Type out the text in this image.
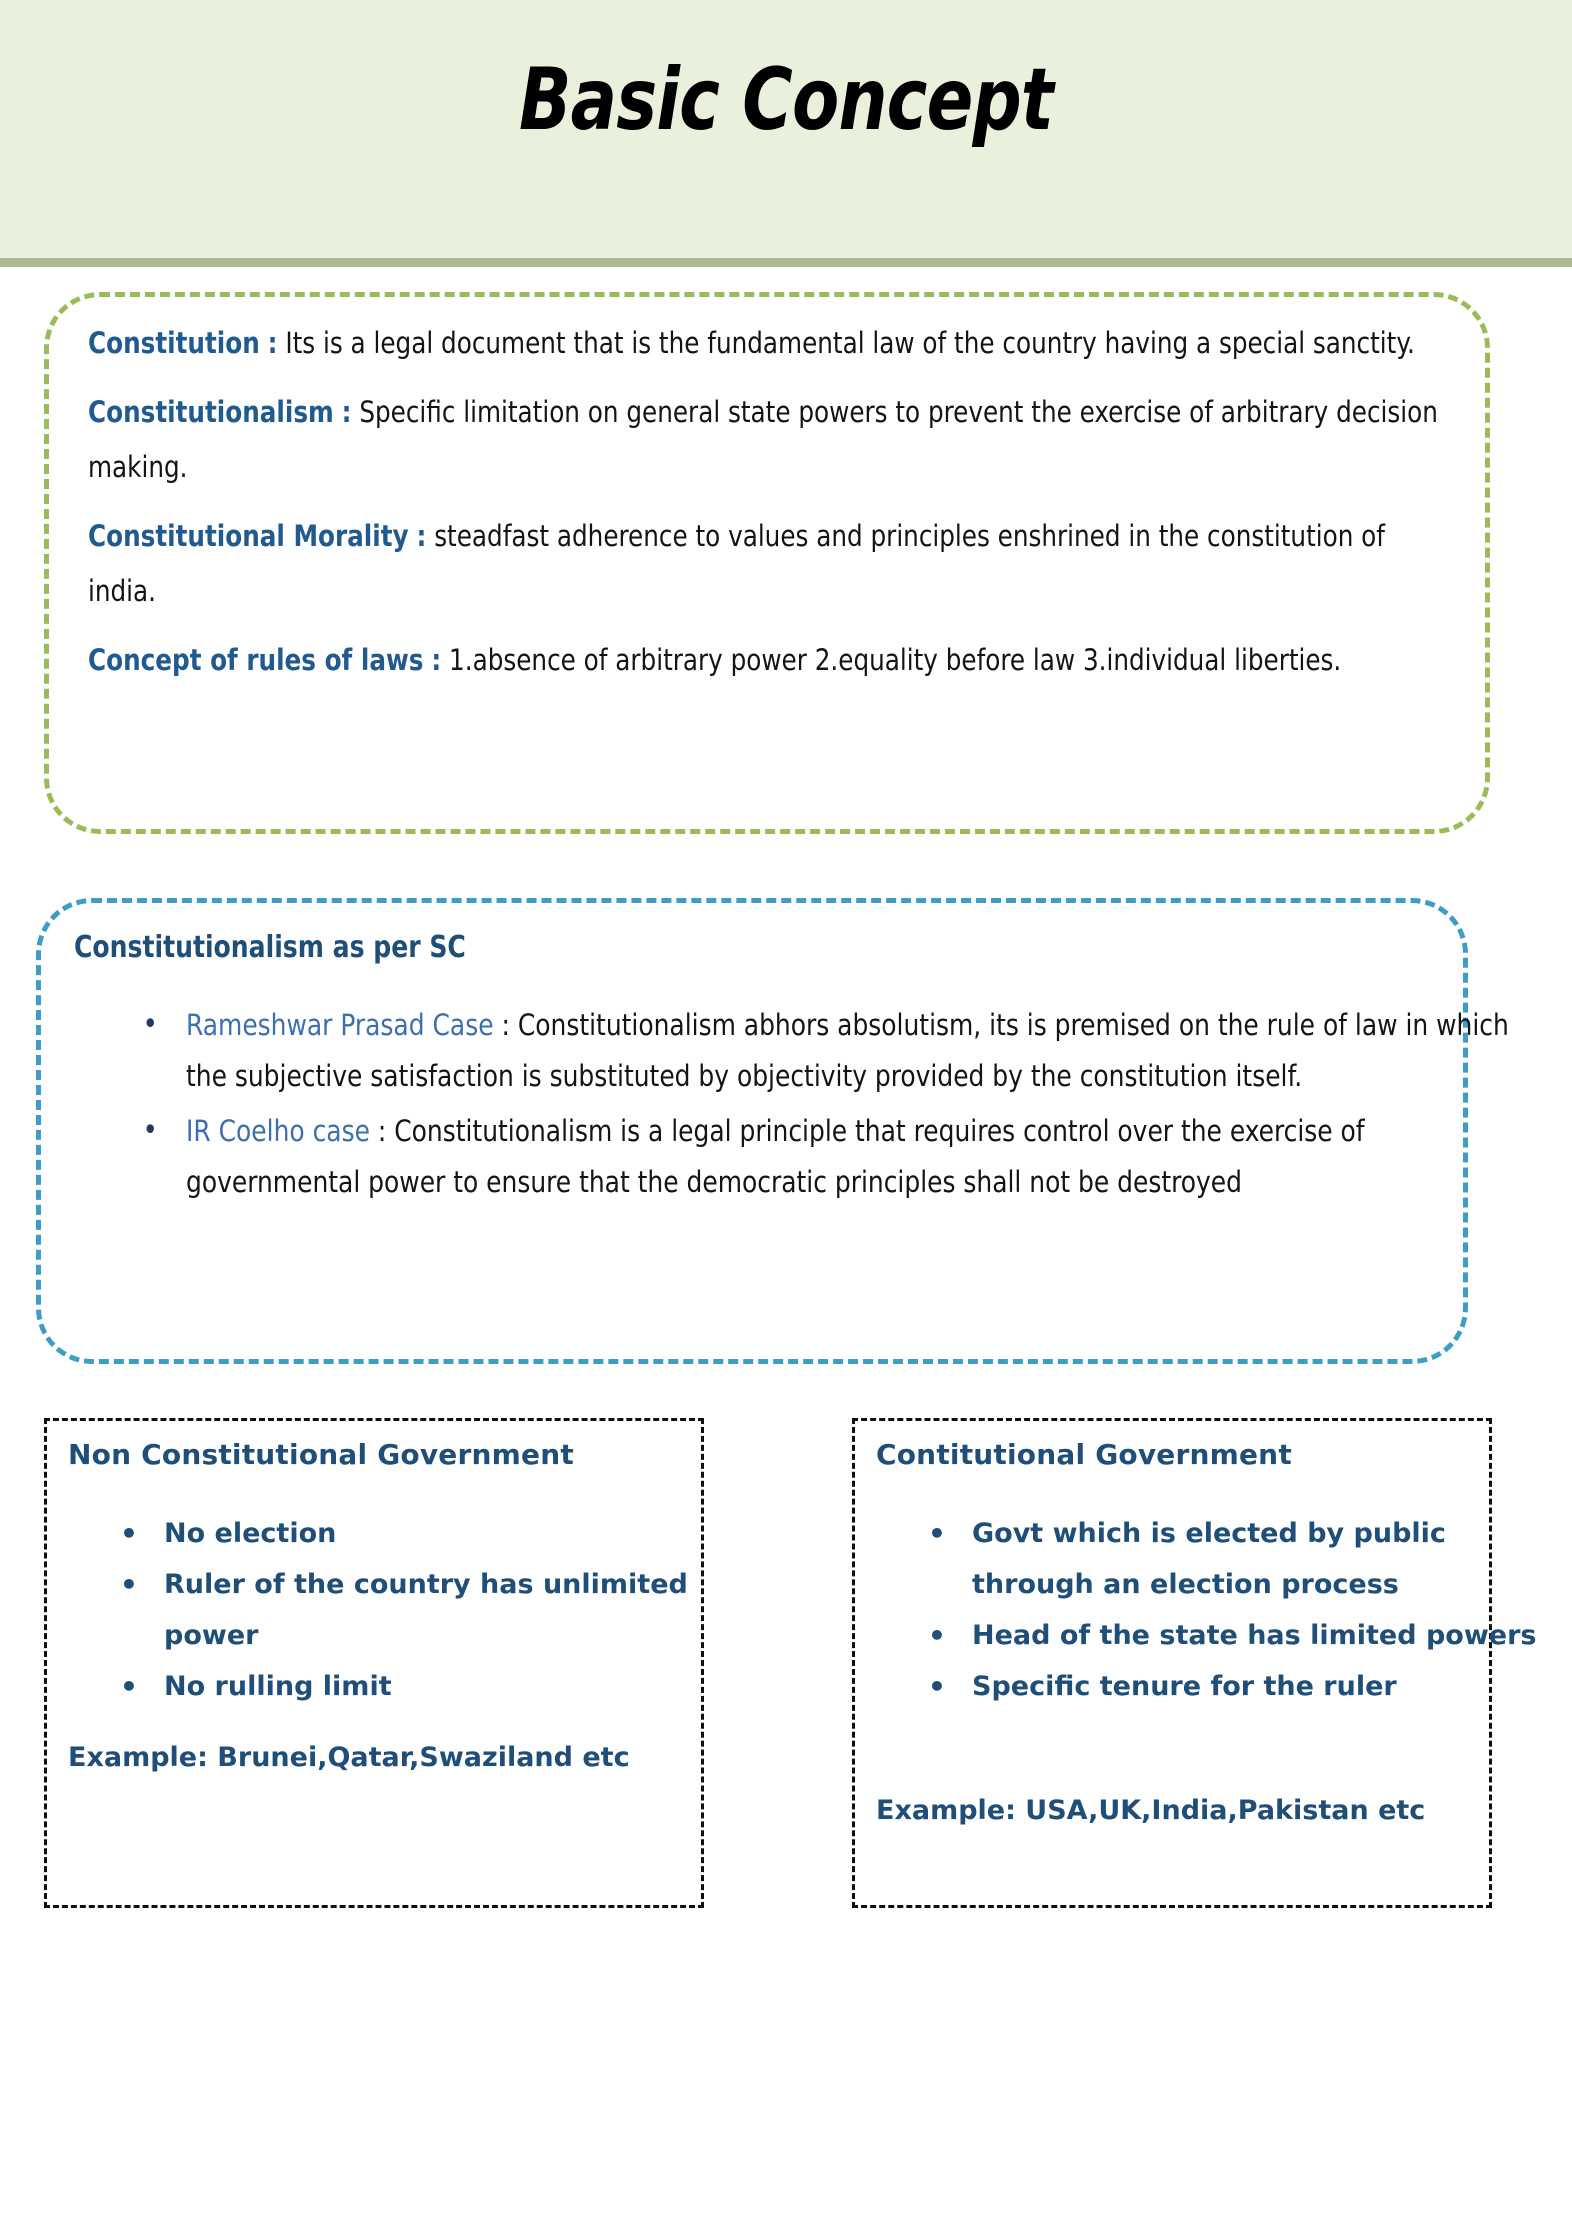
Basic Concept
Constitution : Its is a legal document that is the fundamental law of the country having a special sanctity.
Constitutionalism : Specific limitation on general state powers to prevent the exercise of arbitrary decision making.
Constitutional Morality : steadfast adherence to values and principles enshrined in the constitution of india.
Concept of rules of laws : 1.absence of arbitrary power 2.equality before law 3.individual liberties.
Constitutionalism as per SC
• Rameshwar Prasad Case : Constitutionalism abhors absolutism, its is premised on the rule of law in which the subjective satisfaction is substituted by objectivity provided by the constitution itself.
• IR Coelho case : Constitutionalism is a legal principle that requires control over the exercise of governmental power to ensure that the democratic principles shall not be destroyed
Non Constitutional Government
• No election
• Ruler of the country has unlimited power
• No rulling limit
Example: Brunei,Qatar,Swaziland etc
Contitutional Government
• Govt which is elected by public through an election process
• Head of the state has limited powers
• Specific tenure for the ruler
Example: USA,UK,India,Pakistan etc
